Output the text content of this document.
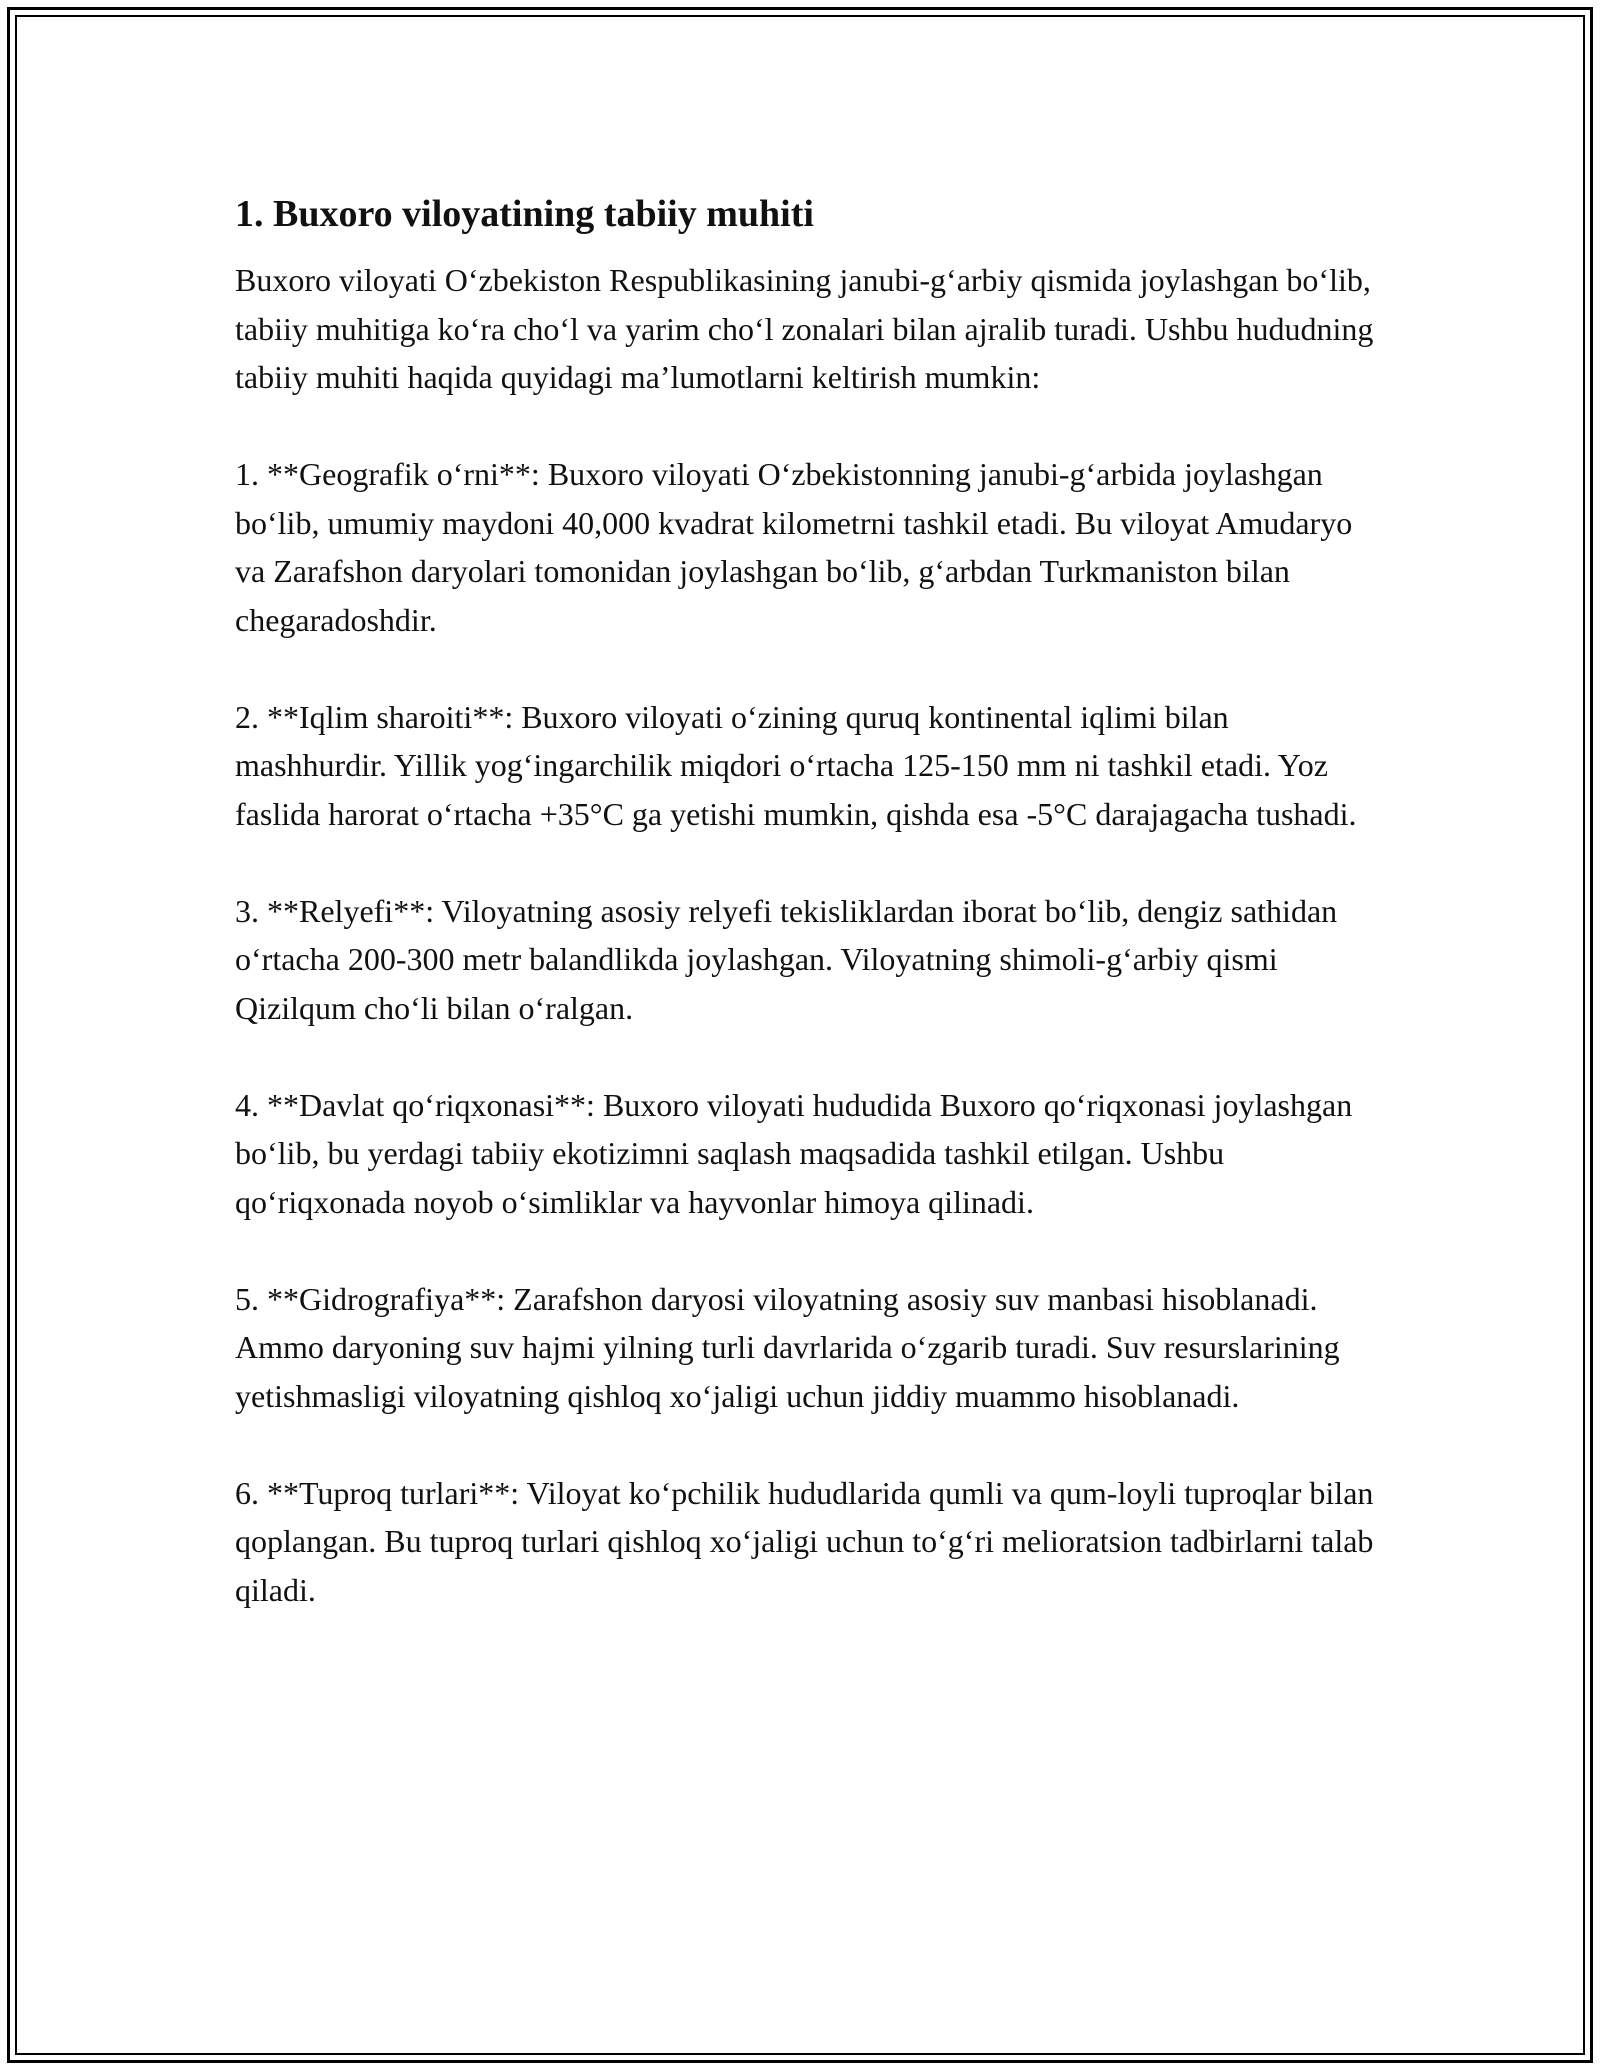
1. Buxoro viloyatining tabiiy muhiti

Buxoro viloyati O‘zbekiston Respublikasining janubi-g‘arbiy qismida joylashgan bo‘lib, tabiiy muhitiga ko‘ra cho‘l va yarim cho‘l zonalari bilan ajralib turadi. Ushbu hududning tabiiy muhiti haqida quyidagi ma’lumotlarni keltirish mumkin:

1. **Geografik o‘rni**: Buxoro viloyati O‘zbekistonning janubi-g‘arbida joylashgan bo‘lib, umumiy maydoni 40,000 kvadrat kilometrni tashkil etadi. Bu viloyat Amudaryo va Zarafshon daryolari tomonidan joylashgan bo‘lib, g‘arbdan Turkmaniston bilan chegaradoshdir.

2. **Iqlim sharoiti**: Buxoro viloyati o‘zining quruq kontinental iqlimi bilan mashhurdir. Yillik yog‘ingarchilik miqdori o‘rtacha 125-150 mm ni tashkil etadi. Yoz faslida harorat o‘rtacha +35°C ga yetishi mumkin, qishda esa -5°C darajagacha tushadi.

3. **Relyefi**: Viloyatning asosiy relyefi tekisliklardan iborat bo‘lib, dengiz sathidan o‘rtacha 200-300 metr balandlikda joylashgan. Viloyatning shimoli-g‘arbiy qismi Qizilqum cho‘li bilan o‘ralgan.

4. **Davlat qo‘riqxonasi**: Buxoro viloyati hududida Buxoro qo‘riqxonasi joylashgan bo‘lib, bu yerdagi tabiiy ekotizimni saqlash maqsadida tashkil etilgan. Ushbu qo‘riqxonada noyob o‘simliklar va hayvonlar himoya qilinadi.

5. **Gidrografiya**: Zarafshon daryosi viloyatning asosiy suv manbasi hisoblanadi. Ammo daryoning suv hajmi yilning turli davrlarida o‘zgarib turadi. Suv resurslarining yetishmasligi viloyatning qishloq xo‘jaligi uchun jiddiy muammo hisoblanadi.

6. **Tuproq turlari**: Viloyat ko‘pchilik hududlarida qumli va qum-loyli tuproqlar bilan qoplangan. Bu tuproq turlari qishloq xo‘jaligi uchun to‘g‘ri melioratsion tadbirlarni talab qiladi.
